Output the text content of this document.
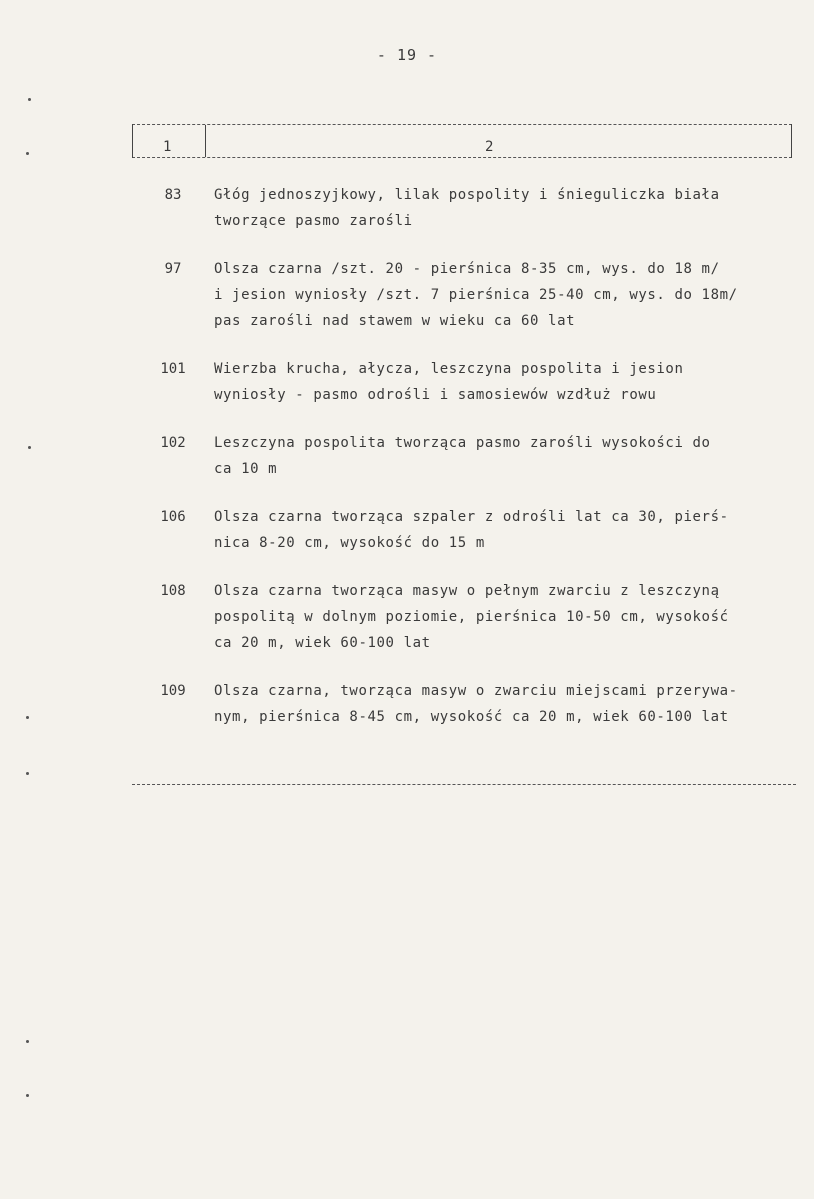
- 19 -
1	2
83	Głóg jednoszyjkowy, lilak pospolity i śnieguliczka biała
tworzące pasmo zarośli
97	Olsza czarna /szt. 20 - pierśnica 8-35 cm, wys. do 18 m/
i jesion wyniosły /szt. 7 pierśnica 25-40 cm, wys. do 18m/
pas zarośli nad stawem w wieku ca 60 lat
101	Wierzba krucha, ałycza, leszczyna pospolita i jesion
wyniosły - pasmo odrośli i samosiewów wzdłuż rowu
102	Leszczyna pospolita tworząca pasmo zarośli wysokości do
ca 10 m
106	Olsza czarna tworząca szpaler z odrośli lat ca 30, pierś-
nica 8-20 cm, wysokość do 15 m
108	Olsza czarna tworząca masyw o pełnym zwarciu z leszczyną
pospolitą w dolnym poziomie, pierśnica 10-50 cm, wysokość
ca 20 m, wiek 60-100 lat
109	Olsza czarna, tworząca masyw o zwarciu miejscami przerywa-
nym, pierśnica 8-45 cm, wysokość ca 20 m, wiek 60-100 lat
